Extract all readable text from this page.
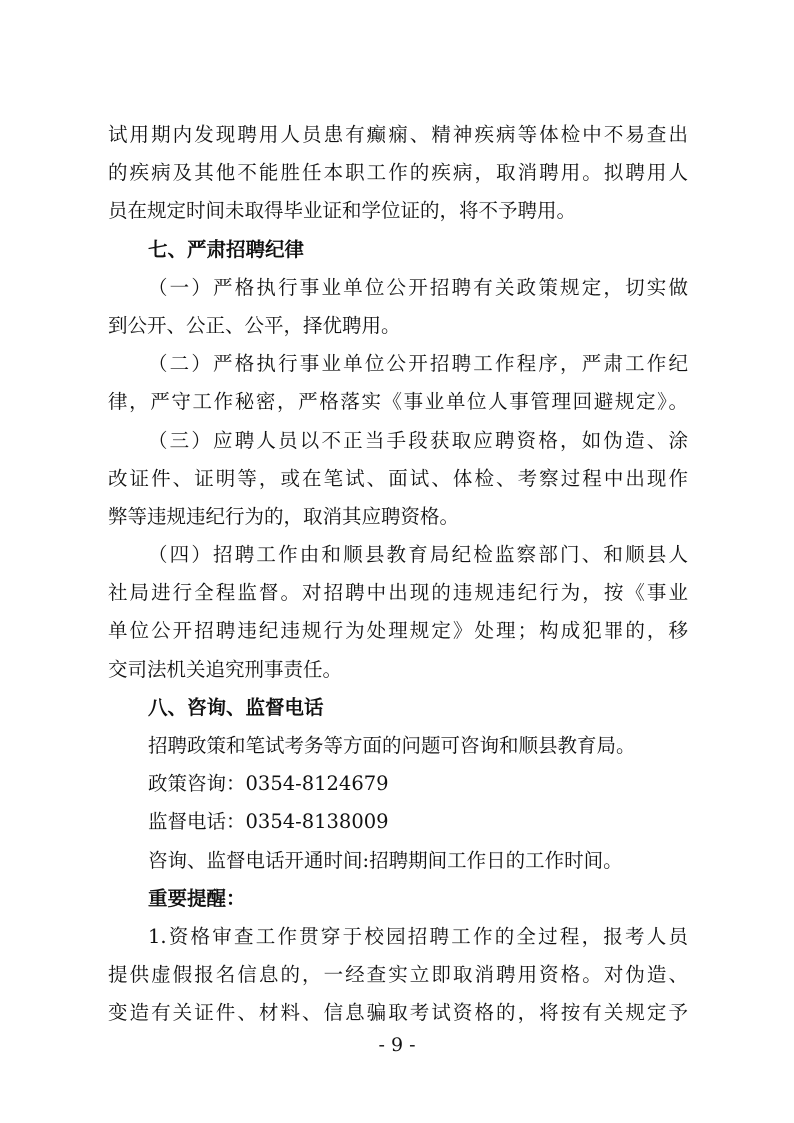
试用期内发现聘用人员患有癫痫、精神疾病等体检中不易查出
的疾病及其他不能胜任本职工作的疾病，取消聘用。拟聘用人
员在规定时间未取得毕业证和学位证的，将不予聘用。
七、严肃招聘纪律
（一）严格执行事业单位公开招聘有关政策规定，切实做
到公开、公正、公平，择优聘用。
（二）严格执行事业单位公开招聘工作程序，严肃工作纪
律，严守工作秘密，严格落实《事业单位人事管理回避规定》。
（三）应聘人员以不正当手段获取应聘资格，如伪造、涂
改证件、证明等，或在笔试、面试、体检、考察过程中出现作
弊等违规违纪行为的，取消其应聘资格。
（四）招聘工作由和顺县教育局纪检监察部门、和顺县人
社局进行全程监督。对招聘中出现的违规违纪行为，按《事业
单位公开招聘违纪违规行为处理规定》处理；构成犯罪的，移
交司法机关追究刑事责任。
八、咨询、监督电话
招聘政策和笔试考务等方面的问题可咨询和顺县教育局。
政策咨询：0354-8124679
监督电话：0354-8138009
咨询、监督电话开通时间:招聘期间工作日的工作时间。
重要提醒：
1.资格审查工作贯穿于校园招聘工作的全过程，报考人员
提供虚假报名信息的，一经查实立即取消聘用资格。对伪造、
变造有关证件、材料、信息骗取考试资格的，将按有关规定予
- 9 -
